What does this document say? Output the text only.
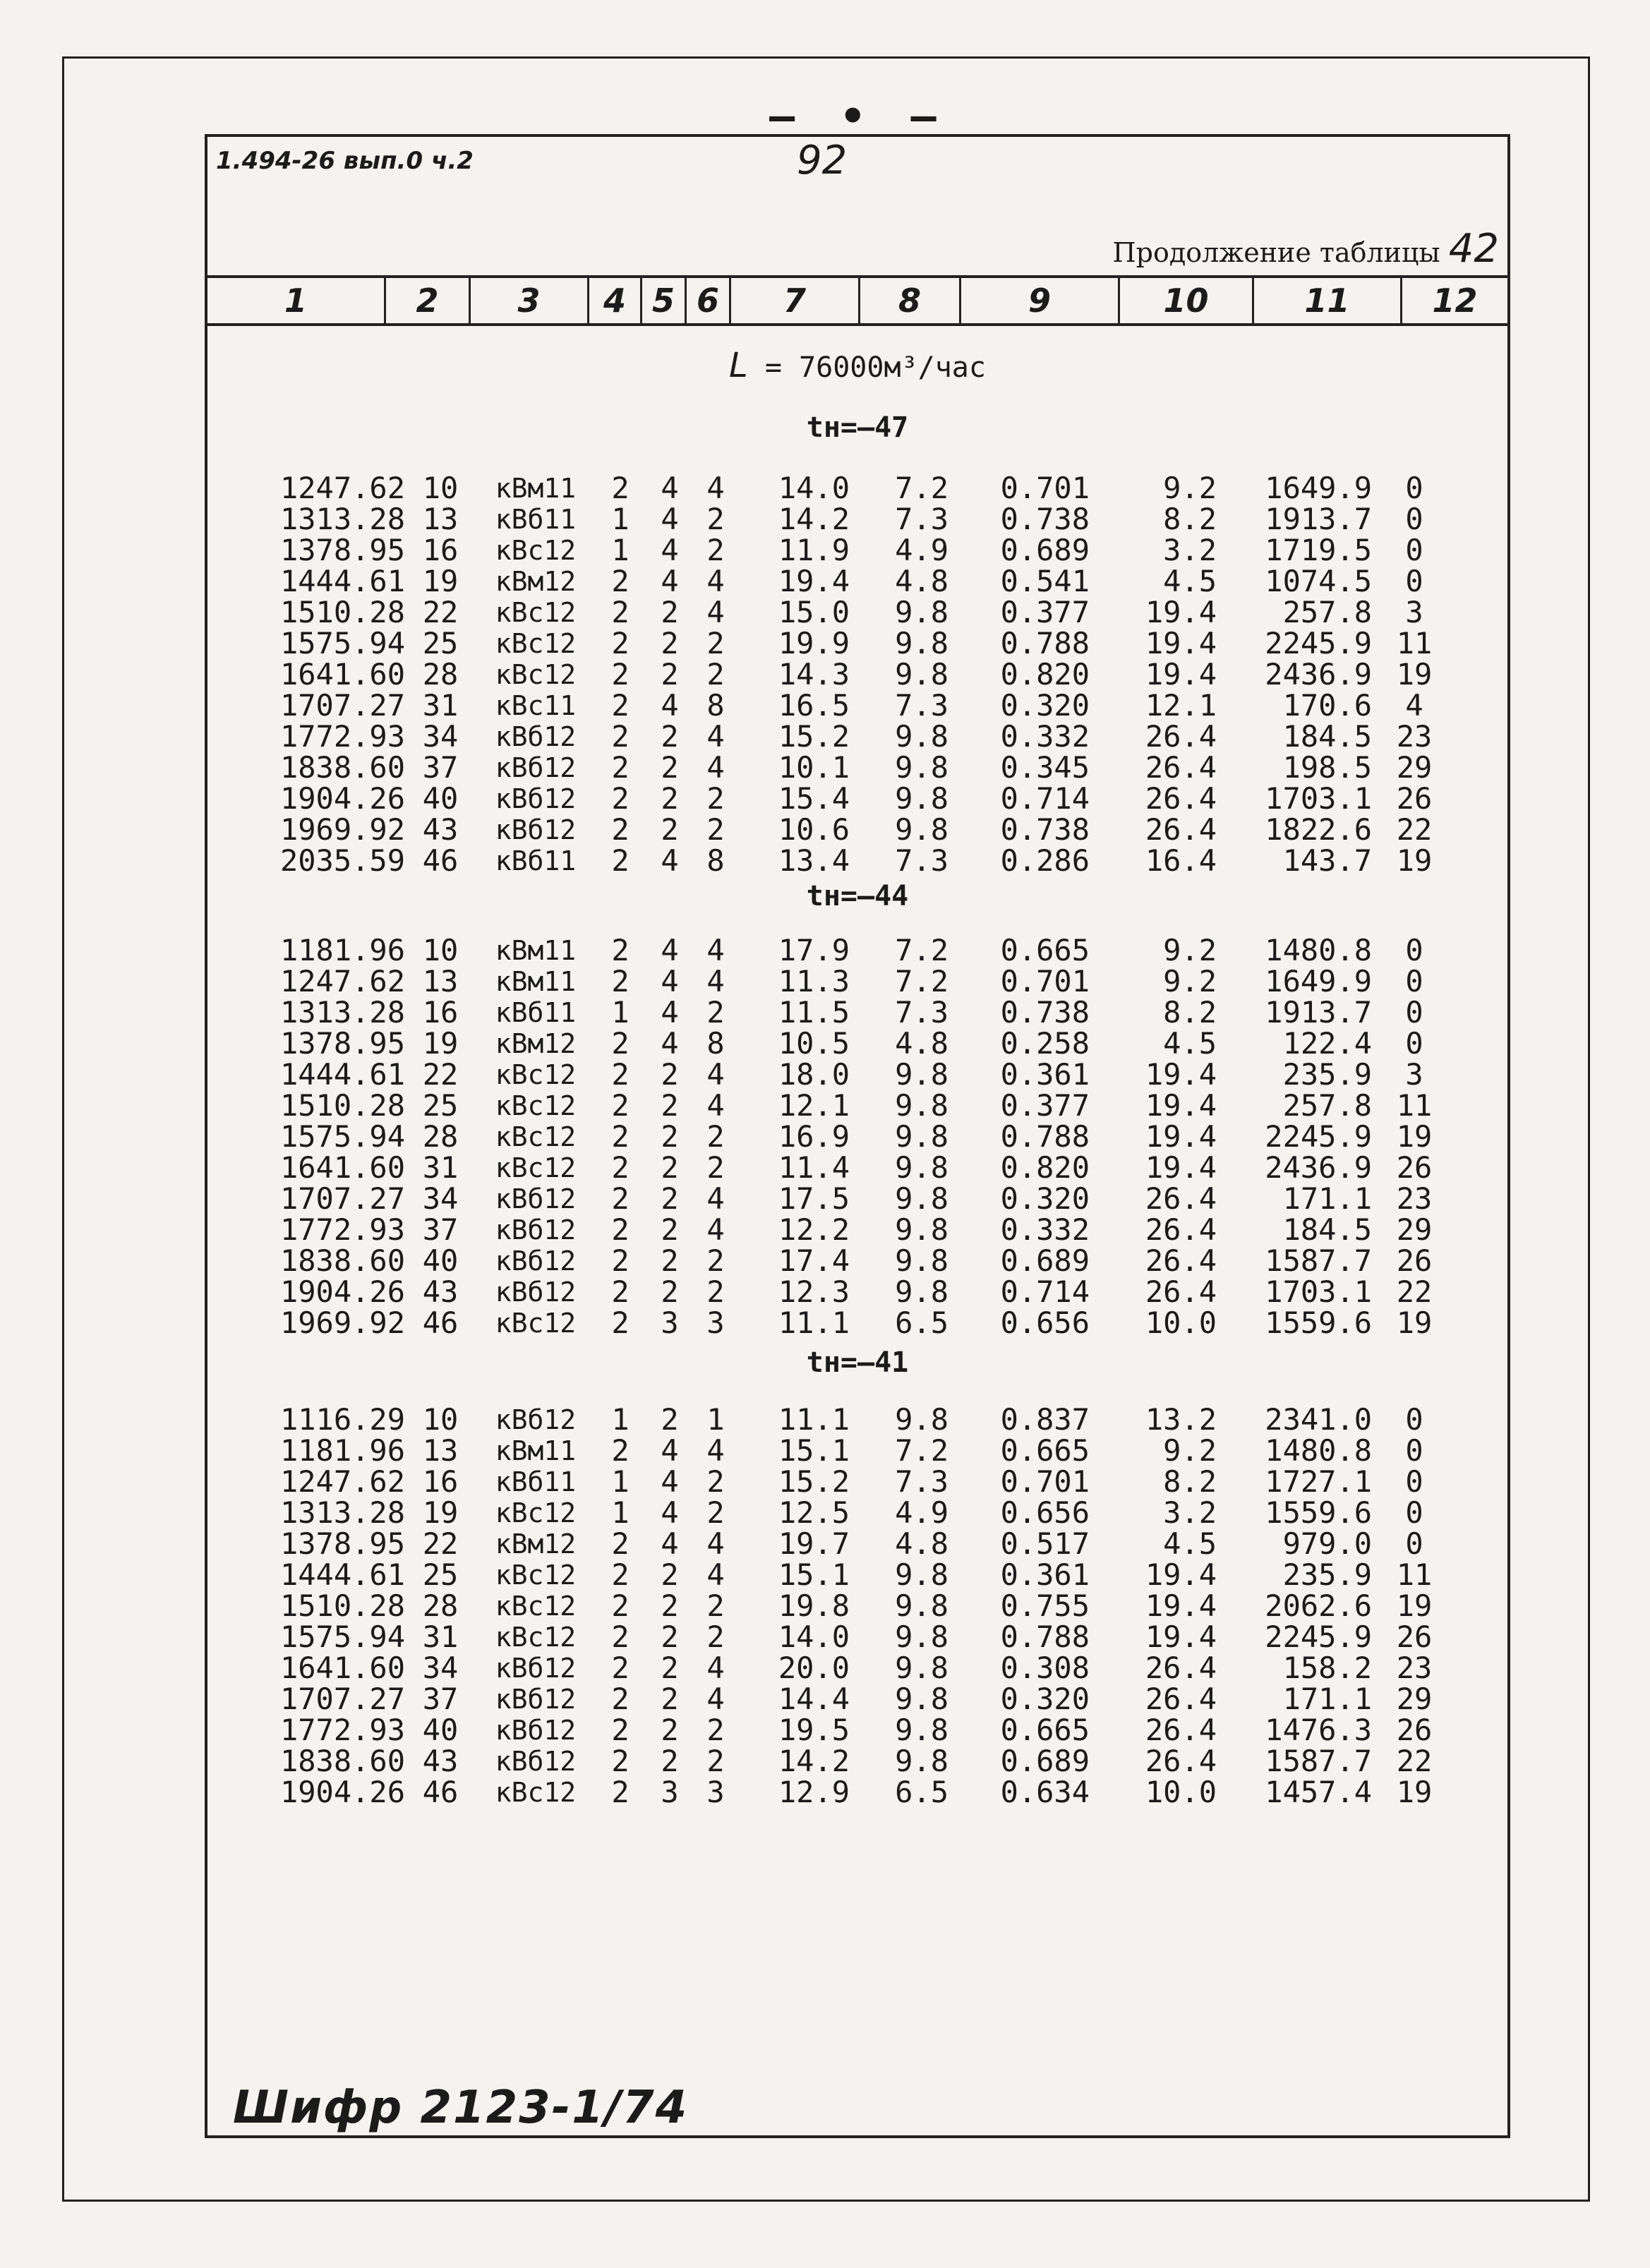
— • —
1.494-26 вып.0 ч.2	92
Продолжение таблицы 42
1	2	3	4 5 6	7	8	9	10	11	12
L = 76000м³/час
tн=—47
1247.62	10	кВм11	2	4	4	14.0	7.2	0.701	9.2	1649.9	0
1313.28	13	кВб11	1	4	2	14.2	7.3	0.738	8.2	1913.7	0
1378.95	16	кВс12	1	4	2	11.9	4.9	0.689	3.2	1719.5	0
1444.61	19	кВм12	2	4	4	19.4	4.8	0.541	4.5	1074.5	0
1510.28	22	кВс12	2	2	4	15.0	9.8	0.377	19.4	257.8	3
1575.94	25	кВс12	2	2	2	19.9	9.8	0.788	19.4	2245.9	11
1641.60	28	кВс12	2	2	2	14.3	9.8	0.820	19.4	2436.9	19
1707.27	31	кВс11	2	4	8	16.5	7.3	0.320	12.1	170.6	4
1772.93	34	кВб12	2	2	4	15.2	9.8	0.332	26.4	184.5	23
1838.60	37	кВб12	2	2	4	10.1	9.8	0.345	26.4	198.5	29
1904.26	40	кВб12	2	2	2	15.4	9.8	0.714	26.4	1703.1	26
1969.92	43	кВб12	2	2	2	10.6	9.8	0.738	26.4	1822.6	22
2035.59	46	кВб11	2	4	8	13.4	7.3	0.286	16.4	143.7	19
tн=—44
1181.96	10	кВм11	2	4	4	17.9	7.2	0.665	9.2	1480.8	0
1247.62	13	кВм11	2	4	4	11.3	7.2	0.701	9.2	1649.9	0
1313.28	16	кВб11	1	4	2	11.5	7.3	0.738	8.2	1913.7	0
1378.95	19	кВм12	2	4	8	10.5	4.8	0.258	4.5	122.4	0
1444.61	22	кВс12	2	2	4	18.0	9.8	0.361	19.4	235.9	3
1510.28	25	кВс12	2	2	4	12.1	9.8	0.377	19.4	257.8	11
1575.94	28	кВс12	2	2	2	16.9	9.8	0.788	19.4	2245.9	19
1641.60	31	кВс12	2	2	2	11.4	9.8	0.820	19.4	2436.9	26
1707.27	34	кВб12	2	2	4	17.5	9.8	0.320	26.4	171.1	23
1772.93	37	кВб12	2	2	4	12.2	9.8	0.332	26.4	184.5	29
1838.60	40	кВб12	2	2	2	17.4	9.8	0.689	26.4	1587.7	26
1904.26	43	кВб12	2	2	2	12.3	9.8	0.714	26.4	1703.1	22
1969.92	46	кВс12	2	3	3	11.1	6.5	0.656	10.0	1559.6	19
tн=—41
1116.29	10	кВб12	1	2	1	11.1	9.8	0.837	13.2	2341.0	0
1181.96	13	кВм11	2	4	4	15.1	7.2	0.665	9.2	1480.8	0
1247.62	16	кВб11	1	4	2	15.2	7.3	0.701	8.2	1727.1	0
1313.28	19	кВс12	1	4	2	12.5	4.9	0.656	3.2	1559.6	0
1378.95	22	кВм12	2	4	4	19.7	4.8	0.517	4.5	979.0	0
1444.61	25	кВс12	2	2	4	15.1	9.8	0.361	19.4	235.9	11
1510.28	28	кВс12	2	2	2	19.8	9.8	0.755	19.4	2062.6	19
1575.94	31	кВс12	2	2	2	14.0	9.8	0.788	19.4	2245.9	26
1641.60	34	кВб12	2	2	4	20.0	9.8	0.308	26.4	158.2	23
1707.27	37	кВб12	2	2	4	14.4	9.8	0.320	26.4	171.1	29
1772.93	40	кВб12	2	2	2	19.5	9.8	0.665	26.4	1476.3	26
1838.60	43	кВб12	2	2	2	14.2	9.8	0.689	26.4	1587.7	22
1904.26	46	кВс12	2	3	3	12.9	6.5	0.634	10.0	1457.4	19
Шифр 2123-1/74
